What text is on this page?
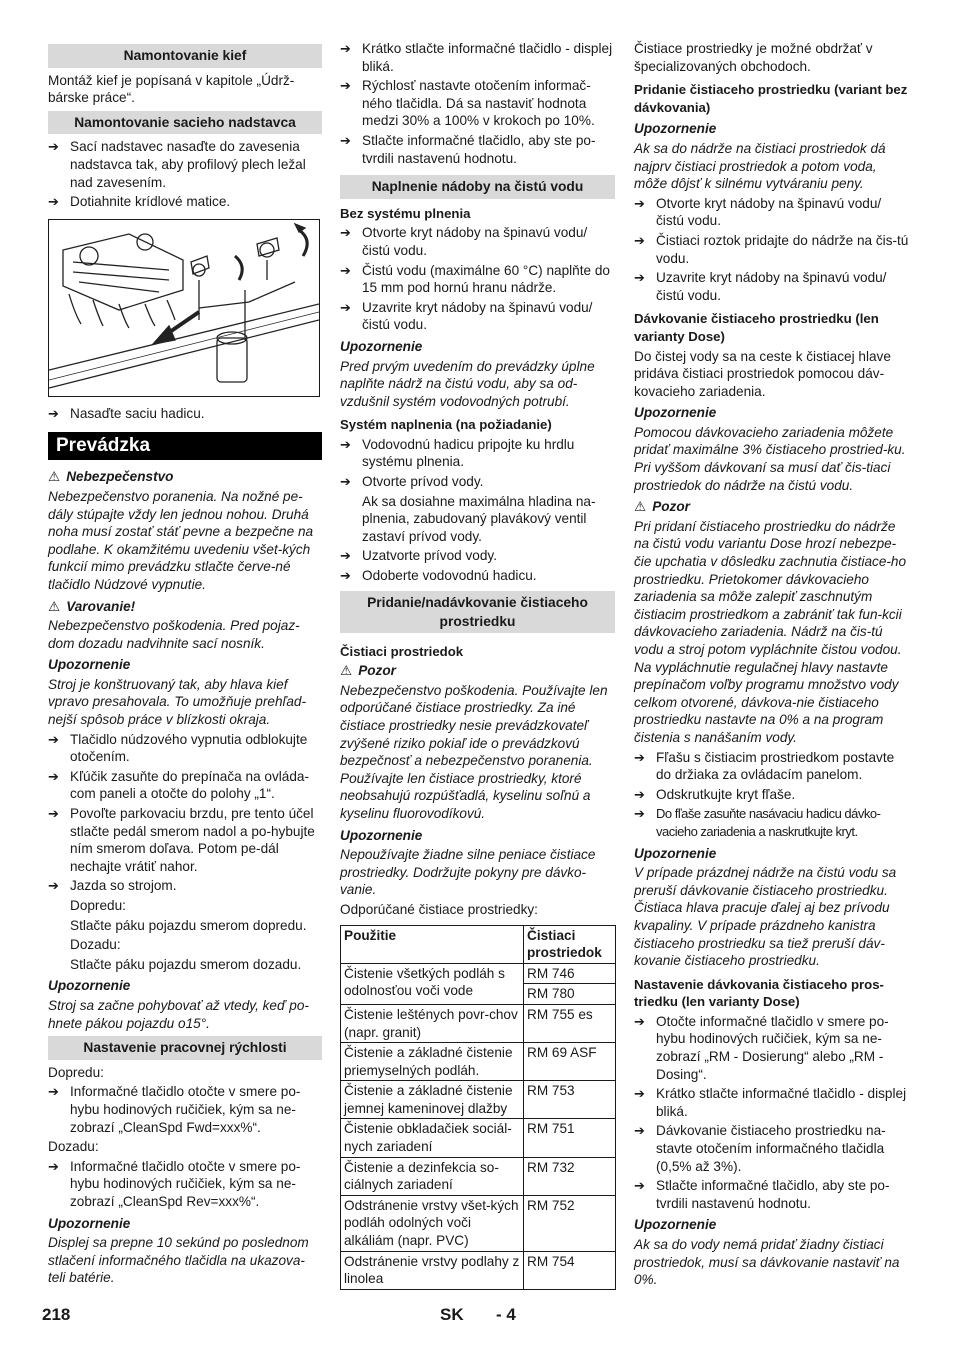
Namontovanie kief

Montáž kief je popísaná v kapitole „Údrž-bárske práce“.

Namontovanie sacieho nadstavca
➔ Sací nadstavec nasaďte do zavesenia nadstavca tak, aby profilový plech ležal nad zavesením.
➔ Dotiahnite krídlové matice.
➔ Nasaďte saciu hadicu.
Prevádzka

⚠ Nebezpečenstvo

Nebezpečenstvo poranenia. Na nožné pe-dály stúpajte vždy len jednou nohou. Druhá noha musí zostať stáť pevne a bezpečne na podlahe. K okamžitému uvedeniu všet-kých funkcií mimo prevádzku stlačte červe-né tlačidlo Núdzové vypnutie.

⚠ Varovanie!

Nebezpečenstvo poškodenia. Pred pojaz-dom dozadu nadvihnite sací nosník.

Upozornenie

Stroj je konštruovaný tak, aby hlava kief vpravo presahovala. To umožňuje prehľad-nejší spôsob práce v blízkosti okraja.

➔ Tlačidlo núdzového vypnutia odblokujte otočením.
➔ Kľúčik zasuňte do prepínača na ovláda-com paneli a otočte do polohy „1“.
➔ Povoľte parkovaciu brzdu, pre tento účel stlačte pedál smerom nadol a po-hybujte ním smerom doľava. Potom pe-dál nechajte vrátiť nahor.
➔ Jazda so strojom.

Dopredu:

Stlačte páku pojazdu smerom dopredu.

Dozadu:

Stlačte páku pojazdu smerom dozadu.

Upozornenie

Stroj sa začne pohybovať až vtedy, keď po-hnete pákou pojazdu o15°.

Nastavenie pracovnej rýchlosti

Dopredu:

➔ Informačné tlačidlo otočte v smere po-hybu hodinových ručičiek, kým sa ne-zobrazí „CleanSpd Fwd=xxx%“.

Dozadu:

➔ Informačné tlačidlo otočte v smere po-hybu hodinových ručičiek, kým sa ne-zobrazí „CleanSpd Rev=xxx%“.

Upozornenie

Displej sa prepne 10 sekúnd po poslednom stlačení informačného tlačidla na ukazova-teli batérie.

➔ Krátko stlačte informačné tlačidlo - displej bliká.
➔ Rýchlosť nastavte otočením informač-ného tlačidla. Dá sa nastaviť hodnota medzi 30% a 100% v krokoch po 10%.
➔ Stlačte informačné tlačidlo, aby ste po-tvrdili nastavenú hodnotu.
Naplnenie nádoby na čistú vodu

Bez systému plnenia

➔ Otvorte kryt nádoby na špinavú vodu/ čistú vodu.
➔ Čistú vodu (maximálne 60 °C) naplňte do 15 mm pod hornú hranu nádrže.
➔ Uzavrite kryt nádoby na špinavú vodu/ čistú vodu.

Upozornenie

Pred prvým uvedením do prevádzky úplne naplňte nádrž na čistú vodu, aby sa od-vzdušnil systém vodovodných potrubí.

Systém naplnenia (na požiadanie)

➔ Vodovodnú hadicu pripojte ku hrdlu systému plnenia.
➔ Otvorte prívod vody.

Ak sa dosiahne maximálna hladina na-plnenia, zabudovaný plavákový ventil zastaví prívod vody.

➔ Uzatvorte prívod vody.
➔ Odoberte vodovodnú hadicu.
Pridanie/nadávkovanie čistiaceho prostriedku

Čistiaci prostriedok

⚠ Pozor

Nebezpečenstvo poškodenia. Používajte len odporúčané čistiace prostriedky. Za iné čistiace prostriedky nesie prevádzkovateľ zvýšené riziko pokiaľ ide o prevádzkovú bezpečnosť a nebezpečenstvo poranenia. Používajte len čistiace prostriedky, ktoré neobsahujú rozpúšťadlá, kyselinu soľnú a kyselinu fluorovodíkovú.

Upozornenie

Nepoužívajte žiadne silne peniace čistiace prostriedky. Dodržujte pokyny pre dávko-vanie.

Odporúčané čistiace prostriedky:

Použitie	Čistiaci prostriedok
Čistenie všetkých podláh s odolnosťou voči vode	RM 746
	RM 780
Čistenie lešténych povr-chov (napr. granit)	RM 755 es
Čistenie a základné čistenie priemyselných podláh.	RM 69 ASF
Čistenie a základné čistenie jemnej kameninovej dlažby	RM 753
Čistenie obkladačiek sociál-nych zariadení	RM 751
Čistenie a dezinfekcia so-ciálnych zariadení	RM 732
Odstránenie vrstvy všet-kých podláh odolných voči alkáliám (napr. PVC)	RM 752
Odstránenie vrstvy podlahy z linolea	RM 754

Čistiace prostriedky je možné obdržať v špecializovaných obchodoch.

Pridanie čistiaceho prostriedku (variant bez dávkovania)

Upozornenie

Ak sa do nádrže na čistiaci prostriedok dá najprv čistiaci prostriedok a potom voda, môže dôjsť k silnému vytváraniu peny.

➔ Otvorte kryt nádoby na špinavú vodu/ čistú vodu.
➔ Čistiaci roztok pridajte do nádrže na čis-tú vodu.
➔ Uzavrite kryt nádoby na špinavú vodu/ čistú vodu.

Dávkovanie čistiaceho prostriedku (len varianty Dose)

Do čistej vody sa na ceste k čistiacej hlave pridáva čistiaci prostriedok pomocou dáv-kovacieho zariadenia.

Upozornenie

Pomocou dávkovacieho zariadenia môžete pridať maximálne 3% čistiaceho prostried-ku. Pri vyššom dávkovaní sa musí dať čis-tiaci prostriedok do nádrže na čistú vodu.

⚠ Pozor

Pri pridaní čistiaceho prostriedku do nádrže na čistú vodu variantu Dose hrozí nebezpe-čie upchatia v dôsledku zachnutia čistiace-ho prostriedku. Prietokomer dávkovacieho zariadenia sa môže zalepiť zaschnutým čistiacim prostriedkom a zabrániť tak fun-kcii dávkovacieho zariadenia. Nádrž na čis-tú vodu a stroj potom vypláchnite čistou vodou. Na vypláchnutie regulačnej hlavy nastavte prepínačom voľby programu množstvo vody celkom otvorené, dávkova-nie čistiaceho prostriedku nastavte na 0% a na program čistenia s nanášaním vody.

➔ Fľašu s čistiacim prostriedkom postavte do držiaka za ovládacím panelom.
➔ Odskrutkujte kryt fľaše.
➔ Do fľaše zasuňte nasávaciu hadicu dávko-vacieho zariadenia a naskrutkujte kryt.

Upozornenie

V prípade prázdnej nádrže na čistú vodu sa preruší dávkovanie čistiaceho prostriedku. Čistiaca hlava pracuje ďalej aj bez prívodu kvapaliny. V prípade prázdneho kanistra čistiaceho prostriedku sa tiež preruší dáv-kovanie čistiaceho prostriedku.

Nastavenie dávkovania čistiaceho pros-triedku (len varianty Dose)

➔ Otočte informačné tlačidlo v smere po-hybu hodinových ručičiek, kým sa ne-zobrazí „RM - Dosierung“ alebo „RM - Dosing“.
➔ Krátko stlačte informačné tlačidlo - displej bliká.
➔ Dávkovanie čistiaceho prostriedku na-stavte otočením informačného tlačidla (0,5% až 3%).
➔ Stlačte informačné tlačidlo, aby ste po-tvrdili nastavenú hodnotu.

Upozornenie

Ak sa do vody nemá pridať žiadny čistiaci prostriedok, musí sa dávkovanie nastaviť na 0%.

218	SK - 4
